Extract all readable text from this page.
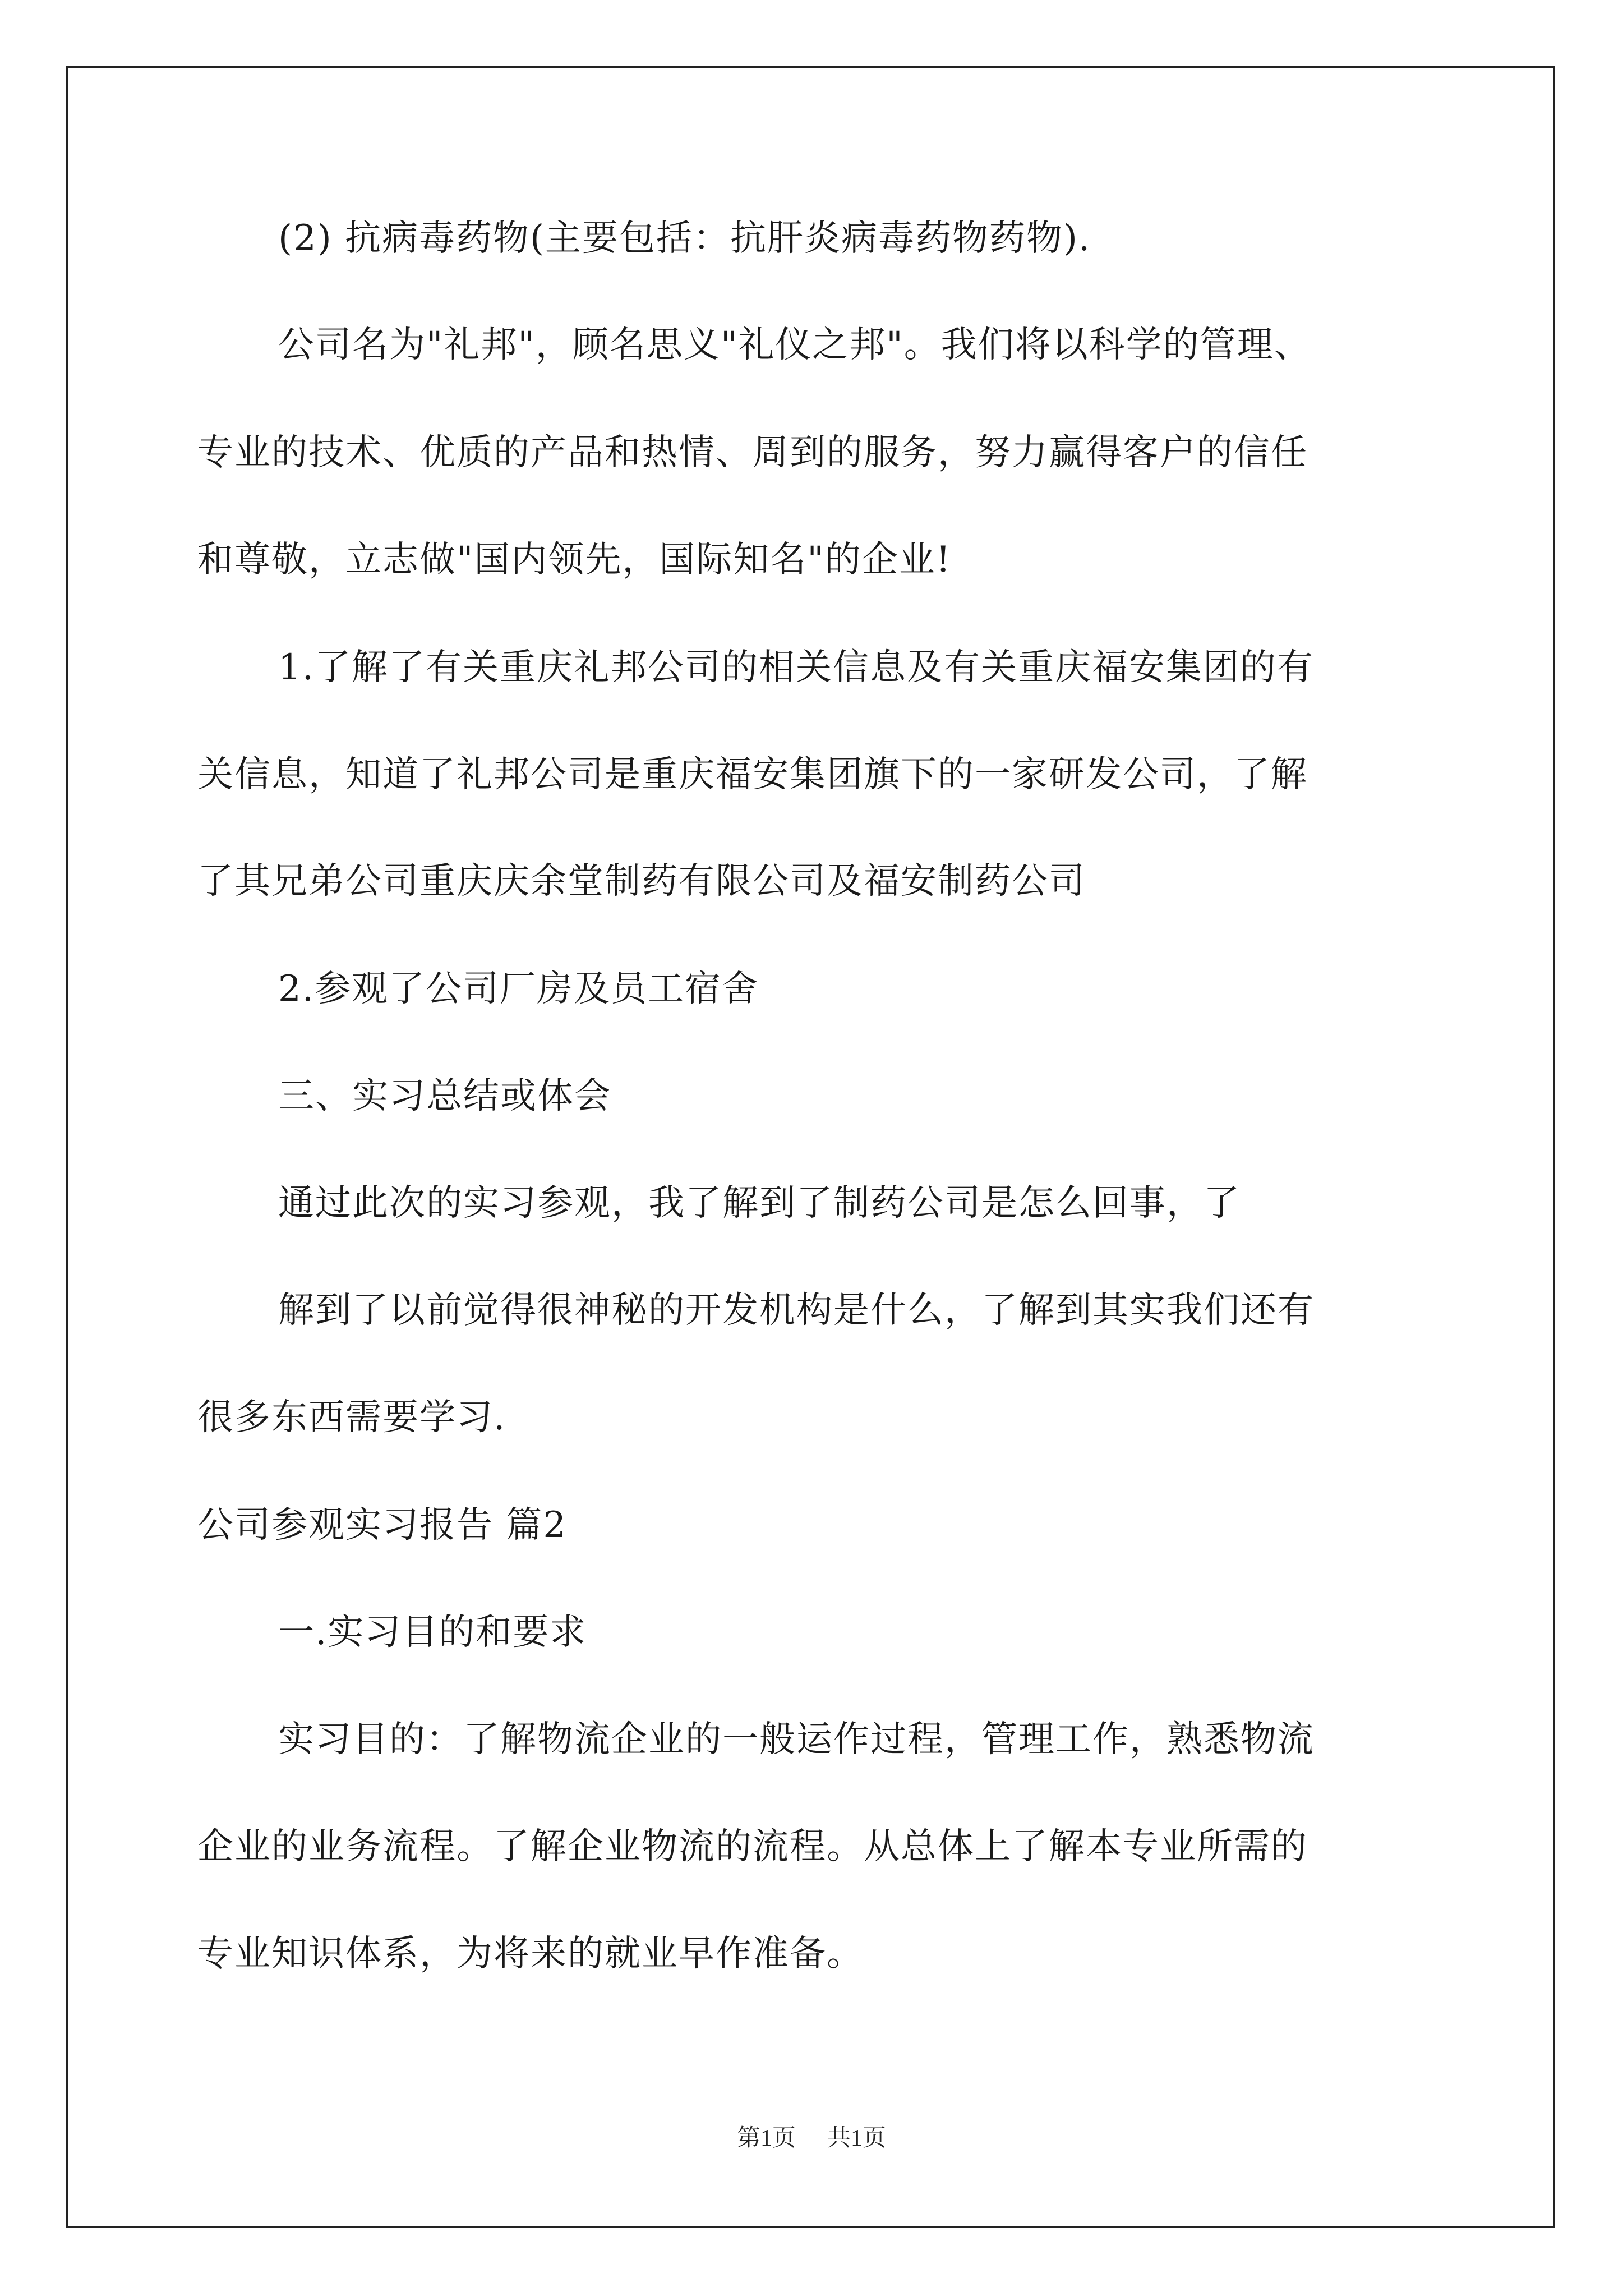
(2) 抗病毒药物(主要包括：抗肝炎病毒药物药物).
公司名为"礼邦"，顾名思义"礼仪之邦"。我们将以科学的管理、
专业的技术、优质的产品和热情、周到的服务，努力赢得客户的信任
和尊敬，立志做"国内领先，国际知名"的企业!
1.了解了有关重庆礼邦公司的相关信息及有关重庆福安集团的有
关信息，知道了礼邦公司是重庆福安集团旗下的一家研发公司，了解
了其兄弟公司重庆庆余堂制药有限公司及福安制药公司
2.参观了公司厂房及员工宿舍
三、实习总结或体会
通过此次的实习参观，我了解到了制药公司是怎么回事，了
解到了以前觉得很神秘的开发机构是什么，了解到其实我们还有
很多东西需要学习.
公司参观实习报告 篇2
一.实习目的和要求
实习目的：了解物流企业的一般运作过程，管理工作，熟悉物流
企业的业务流程。了解企业物流的流程。从总体上了解本专业所需的
专业知识体系，为将来的就业早作准备。
第1页 共1页
